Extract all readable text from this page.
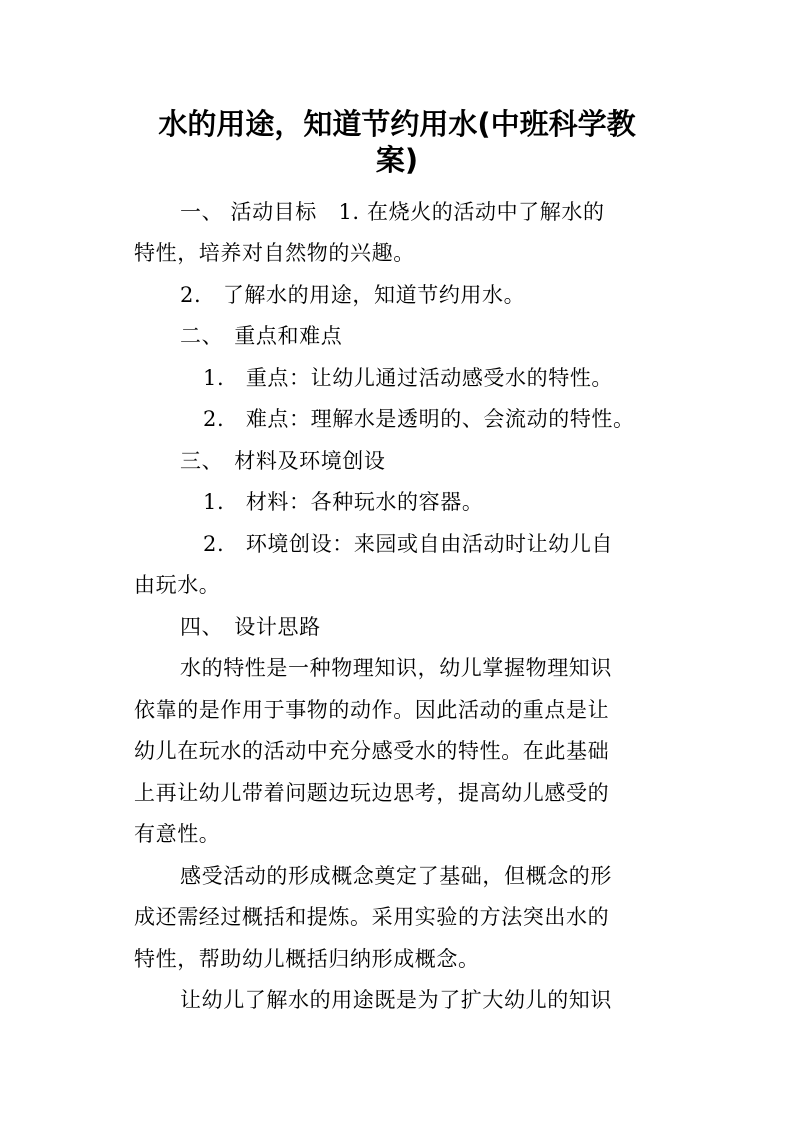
水的用途，知道节约用水(中班科学教
案)
一、 活动目标　1. 在烧火的活动中了解水的
特性，培养对自然物的兴趣。
2.　了解水的用途，知道节约用水。
二、　重点和难点
1.　重点：让幼儿通过活动感受水的特性。
2.　难点：理解水是透明的、会流动的特性。
三、　材料及环境创设
1.　材料：各种玩水的容器。
2.　环境创设：来园或自由活动时让幼儿自
由玩水。
四、　设计思路
水的特性是一种物理知识，幼儿掌握物理知识
依靠的是作用于事物的动作。因此活动的重点是让
幼儿在玩水的活动中充分感受水的特性。在此基础
上再让幼儿带着问题边玩边思考，提高幼儿感受的
有意性。
感受活动的形成概念奠定了基础，但概念的形
成还需经过概括和提炼。采用实验的方法突出水的
特性，帮助幼儿概括归纳形成概念。
让幼儿了解水的用途既是为了扩大幼儿的知识
